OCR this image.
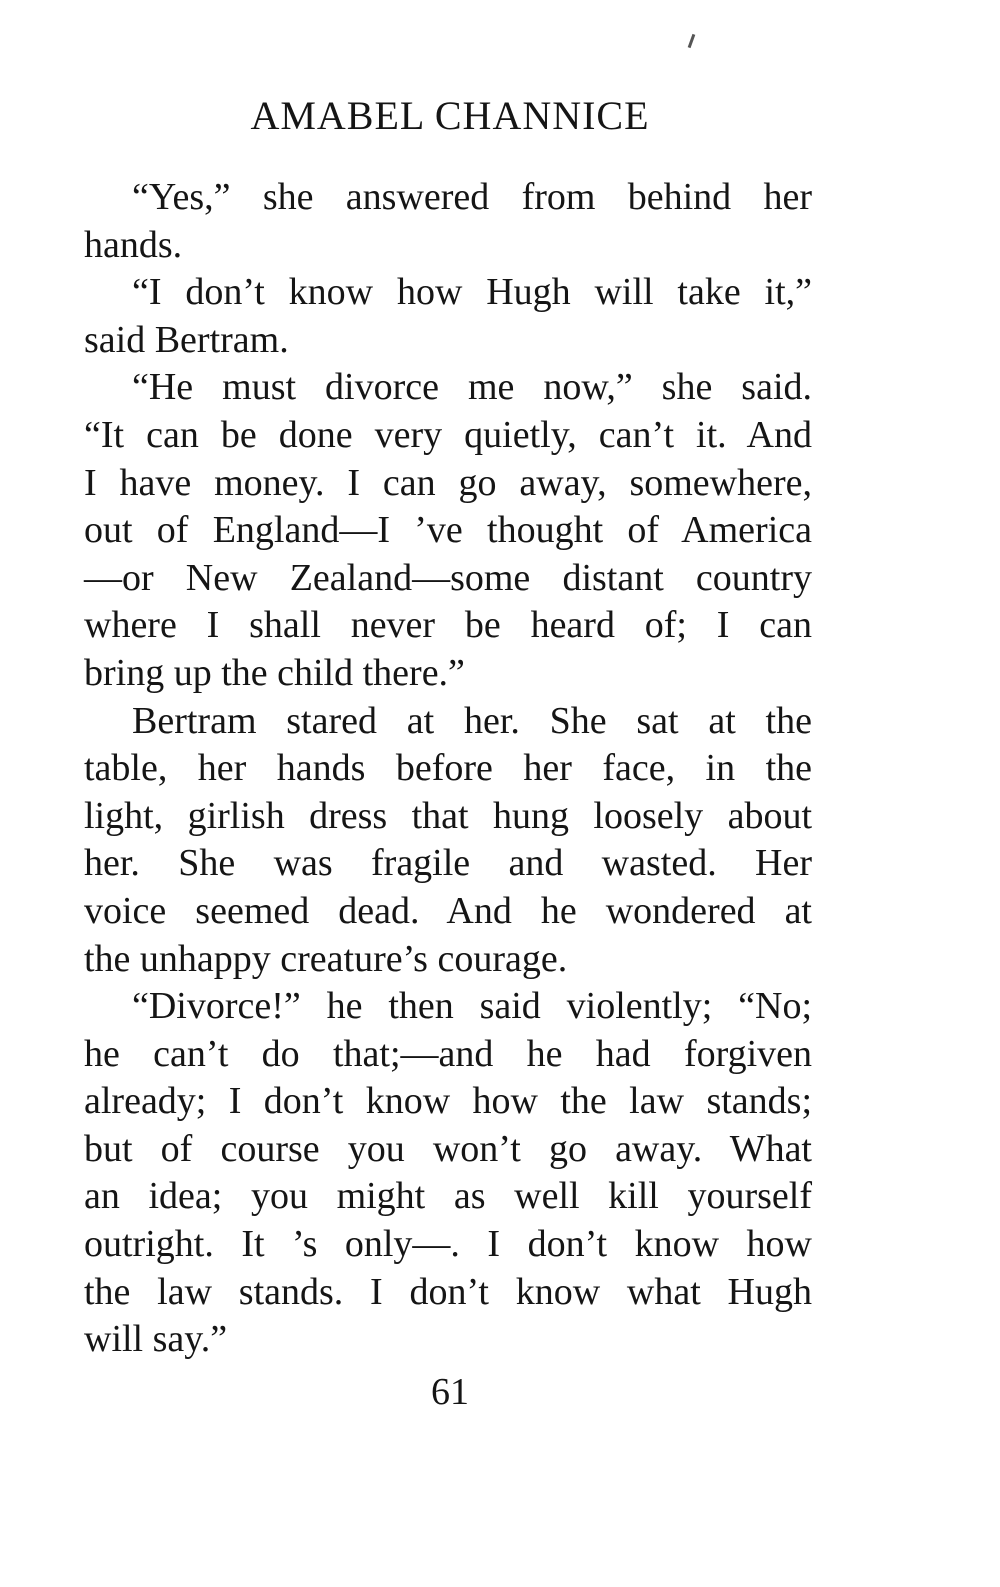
AMABEL CHANNICE
“Yes,” she answered from behind her
hands.
“I don’t know how Hugh will take it,”
said Bertram.
“He must divorce me now,” she said.
“It can be done very quietly, can’t it. And
I have money. I can go away, somewhere,
out of England—I ’ve thought of America
—or New Zealand—some distant country
where I shall never be heard of; I can
bring up the child there.”
Bertram stared at her. She sat at the
table, her hands before her face, in the
light, girlish dress that hung loosely about
her. She was fragile and wasted. Her
voice seemed dead. And he wondered at
the unhappy creature’s courage.
“Divorce!” he then said violently; “No;
he can’t do that;—and he had forgiven
already; I don’t know how the law stands;
but of course you won’t go away. What
an idea; you might as well kill yourself
outright. It ’s only—. I don’t know how
the law stands. I don’t know what Hugh
will say.”
61
